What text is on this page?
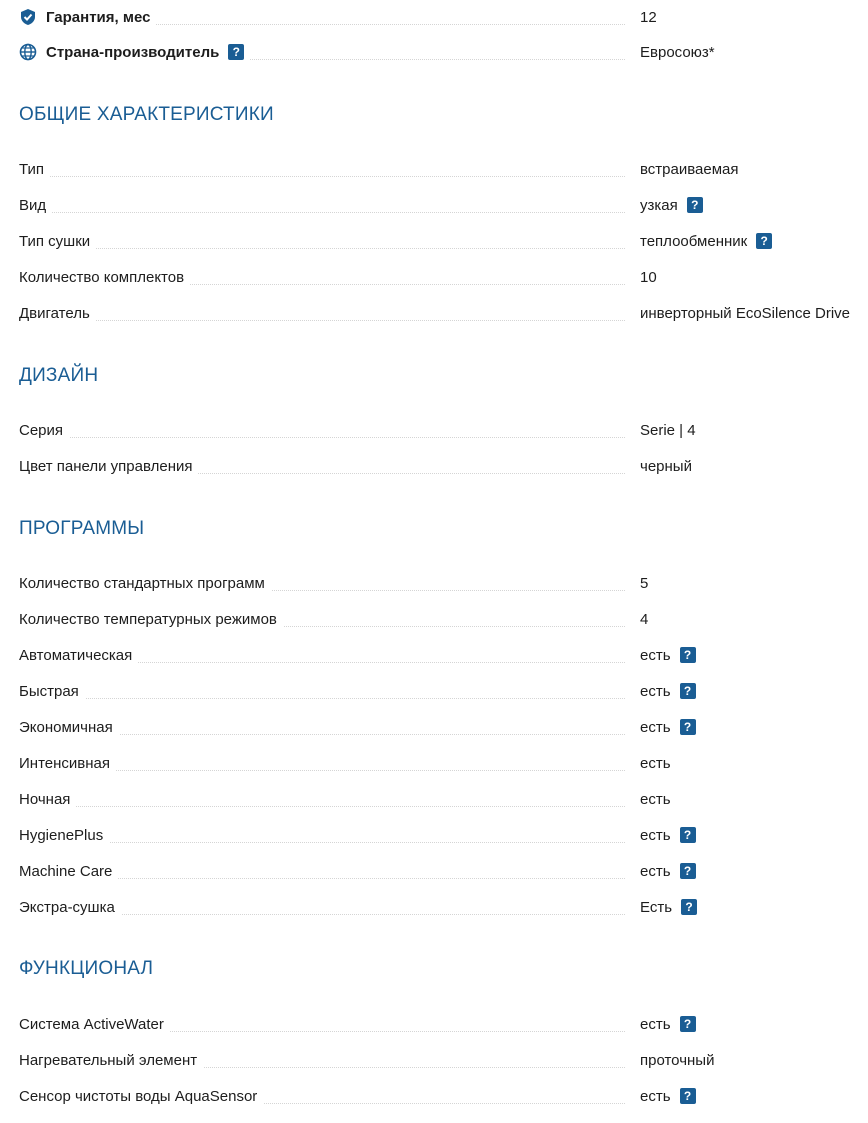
Гарантия, мес	12
Страна-производитель	?	Евросоюз*
ОБЩИЕ ХАРАКТЕРИСТИКИ
Тип	встраиваемая
Вид	узкая	?
Тип сушки	теплообменник	?
Количество комплектов	10
Двигатель	инверторный EcoSilence Drive
ДИЗАЙН
Серия	Serie | 4
Цвет панели управления	черный
ПРОГРАММЫ
Количество стандартных программ	5
Количество температурных режимов	4
Автоматическая	есть	?
Быстрая	есть	?
Экономичная	есть	?
Интенсивная	есть
Ночная	есть
HygienePlus	есть	?
Machine Care	есть	?
Экстра-сушка	Есть	?
ФУНКЦИОНАЛ
Система ActiveWater	есть	?
Нагревательный элемент	проточный
Сенсор чистоты воды AquaSensor	есть	?
